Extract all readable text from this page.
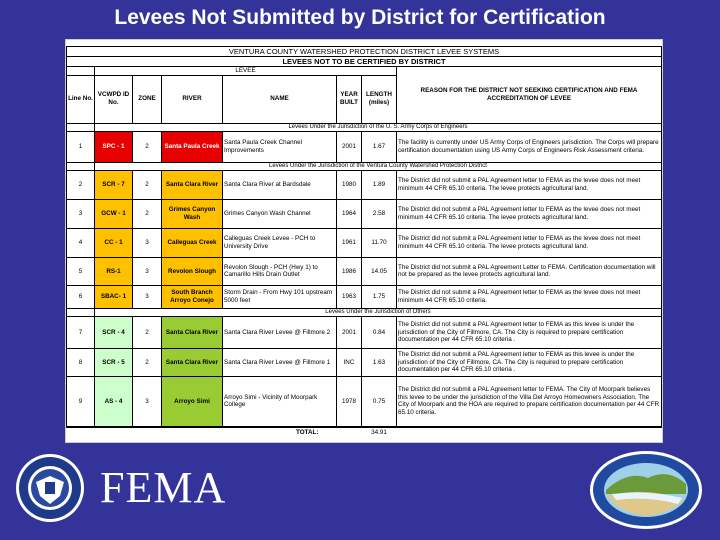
Levees Not Submitted by District for Certification

VENTURA COUNTY WATERSHED PROTECTION DISTRICT LEVEE SYSTEMS							
LEVEES NOT TO BE CERTIFIED BY DISTRICT							
	LEVEE						REASON FOR THE DISTRICT NOT SEEKING CERTIFICATION AND FEMA ACCREDITATION OF LEVEE
Line No.	VCWPD ID No.	ZONE	RIVER	NAME	YEAR BUILT	LENGTH (miles)	
	Levees Under the Jurisdiction of the U. S. Army Corps of Engineers						
1	SPC - 1	2	Santa Paula Creek	Santa Paula Creek Channel Improvements	2001	1.67	The facility is currently under US Army Corps of Engineers jurisdiction. The Corps will prepare certification documentation using US Army Corps of Engineers Risk Assessment criteria.
	Levees Under the Jurisdiction of the Ventura County Watershed Protection District						
2	SCR - 7	2	Santa Clara River	Santa Clara River at Bardsdale	1980	1.89	The District did not submit a PAL Agreement letter to FEMA as the levee does not meet minimum 44 CFR 65.10 criteria. The levee protects agricultural land.
3	GCW - 1	2	Grimes Canyon Wash	Grimes Canyon Wash Channel	1964	2.58	The District did not submit a PAL Agreement letter to FEMA as the levee does not meet minimum 44 CFR 65.10 criteria. The levee protects agricultural land.
4	CC - 1	3	Calleguas Creek	Calleguas Creek Levee - PCH to University Drive	1961	11.70	The District did not submit a PAL Agreement letter to FEMA as the levee does not meet minimum 44 CFR 65.10 criteria. The levee protects agricultural land.
5	RS-1	3	Revolon Slough	Revolon Slough - PCH (Hwy 1) to Camarillo Hills Drain Outlet	1986	14.05	The District did not submit a PAL Agreement Letter to FEMA. Certification documentation will not be prepared as the levee protects agricultural land.
6	SBAC- 1	3	South Branch Arroyo Conejo	Storm Drain - From Hwy 101 upstream 5000 feet	1963	1.75	The District did not submit a PAL Agreement letter to FEMA as the levee does not meet minimum 44 CFR 65.10 criteria.
	Levees Under the Jurisdiction of Others						
7	SCR - 4	2	Santa Clara River	Santa Clara River Levee @ Fillmore 2	2001	0.84	The District did not submit a PAL Agreement letter to FEMA as this levee is under the jurisdiction of the City of Fillmore, CA. The City is required to prepare certification documentation per 44 CFR 65.10 criteria .
8	SCR - 5	2	Santa Clara River	Santa Clara River Levee @ Fillmore 1	INC	1.63	The District did not submit a PAL Agreement letter to FEMA as this levee is under the jurisdiction of the City of Fillmore, CA. The City is required to prepare certification documentation per 44 CFR 65.10 criteria .
9	AS - 4	3	Arroyo Simi	Arroyo Simi - Vicinity of Moorpark College	1978	0.75	The District did not submit a PAL Agreement letter to FEMA. The City of Moorpark believes this levee to be under the jurisdiction of the Villa Del Arroyo Homeowners Association. The City of Moorpark and the HOA are required to prepare certification documentation per 44 CFR 65.10 criteria.
TOTAL:						34.91	
FEMA
